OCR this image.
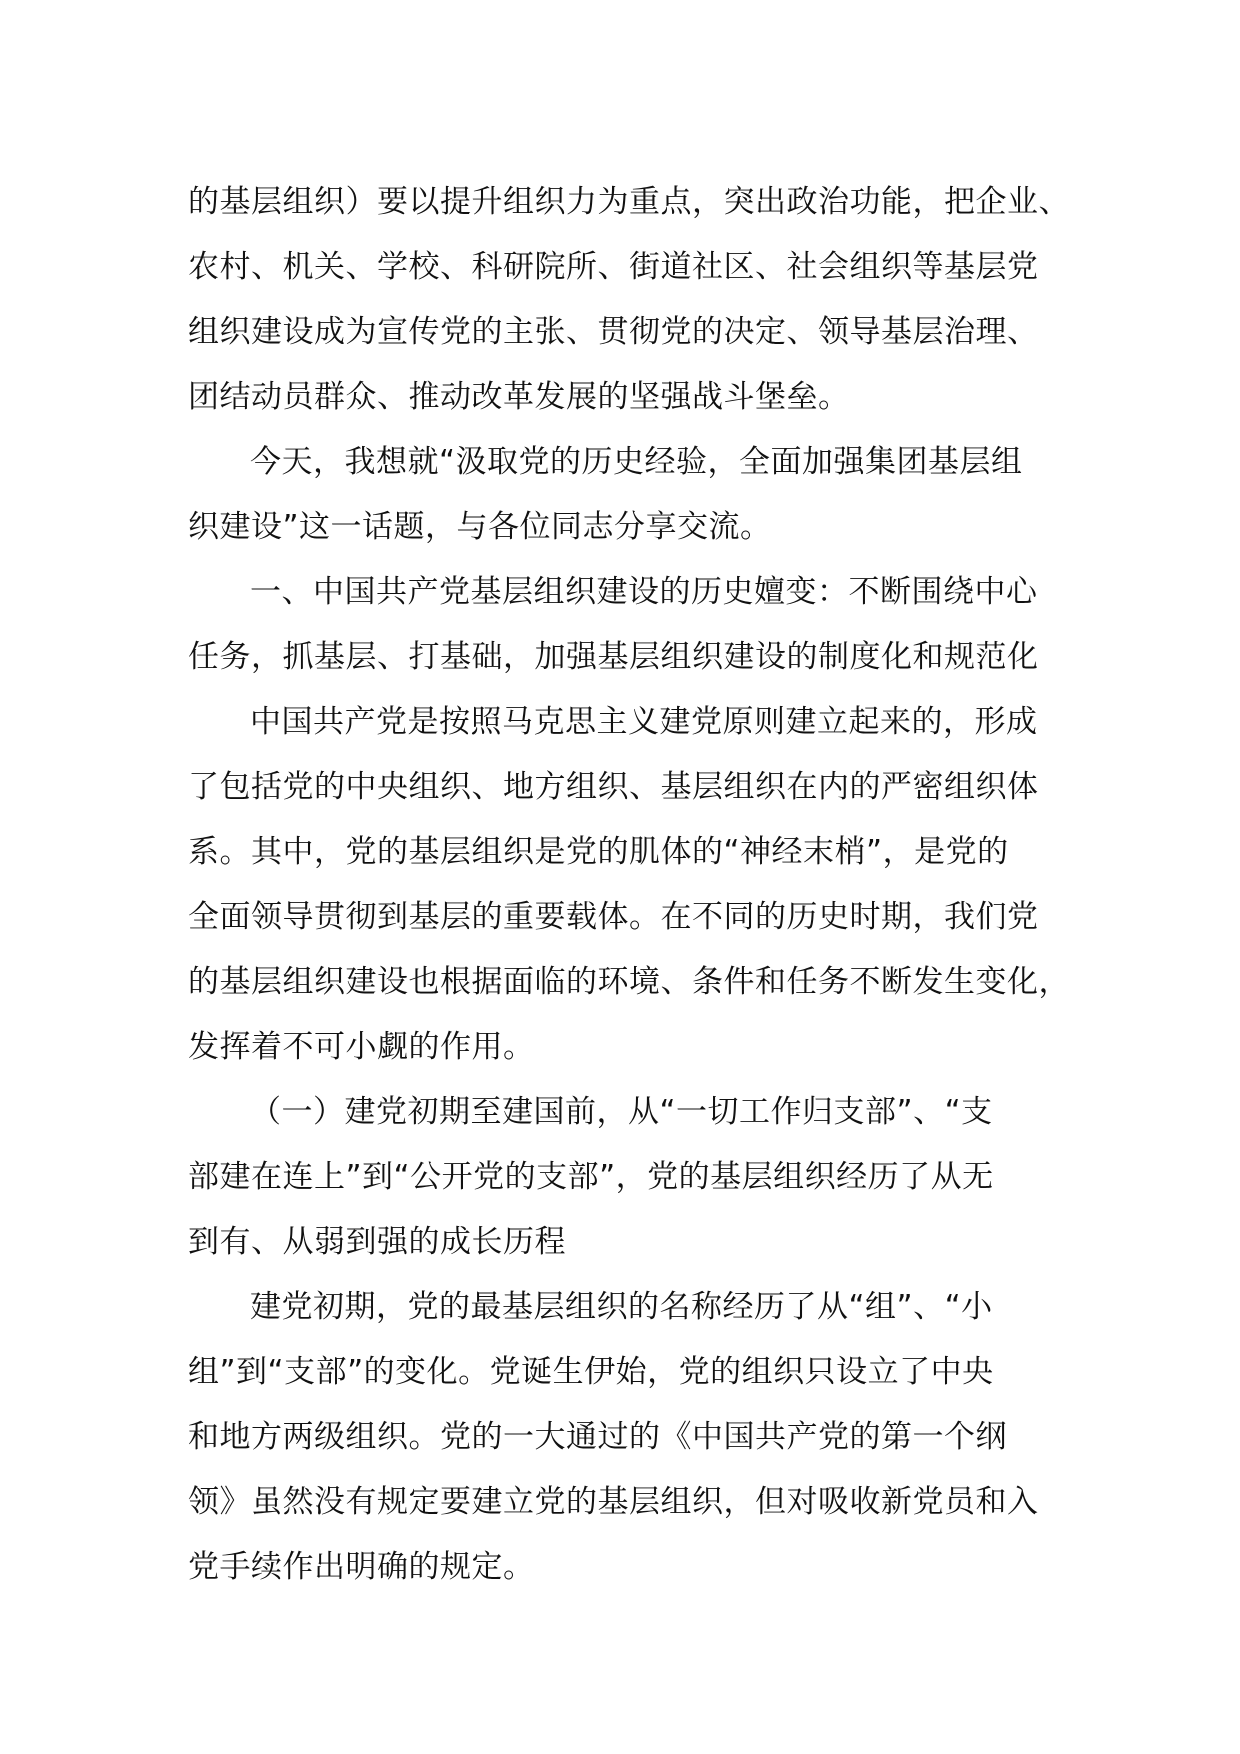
的基层组织）要以提升组织力为重点，突出政治功能，把企业、
农村、机关、学校、科研院所、街道社区、社会组织等基层党
组织建设成为宣传党的主张、贯彻党的决定、领导基层治理、
团结动员群众、推动改革发展的坚强战斗堡垒。
今天，我想就“汲取党的历史经验，全面加强集团基层组
织建设”这一话题，与各位同志分享交流。
一、中国共产党基层组织建设的历史嬗变：不断围绕中心
任务，抓基层、打基础，加强基层组织建设的制度化和规范化
中国共产党是按照马克思主义建党原则建立起来的，形成
了包括党的中央组织、地方组织、基层组织在内的严密组织体
系。其中，党的基层组织是党的肌体的“神经末梢”，是党的
全面领导贯彻到基层的重要载体。在不同的历史时期，我们党
的基层组织建设也根据面临的环境、条件和任务不断发生变化，
发挥着不可小觑的作用。
（一）建党初期至建国前，从“一切工作归支部”、“支
部建在连上”到“公开党的支部”，党的基层组织经历了从无
到有、从弱到强的成长历程
建党初期，党的最基层组织的名称经历了从“组”、“小
组”到“支部”的变化。党诞生伊始，党的组织只设立了中央
和地方两级组织。党的一大通过的《中国共产党的第一个纲
领》虽然没有规定要建立党的基层组织，但对吸收新党员和入
党手续作出明确的规定。
